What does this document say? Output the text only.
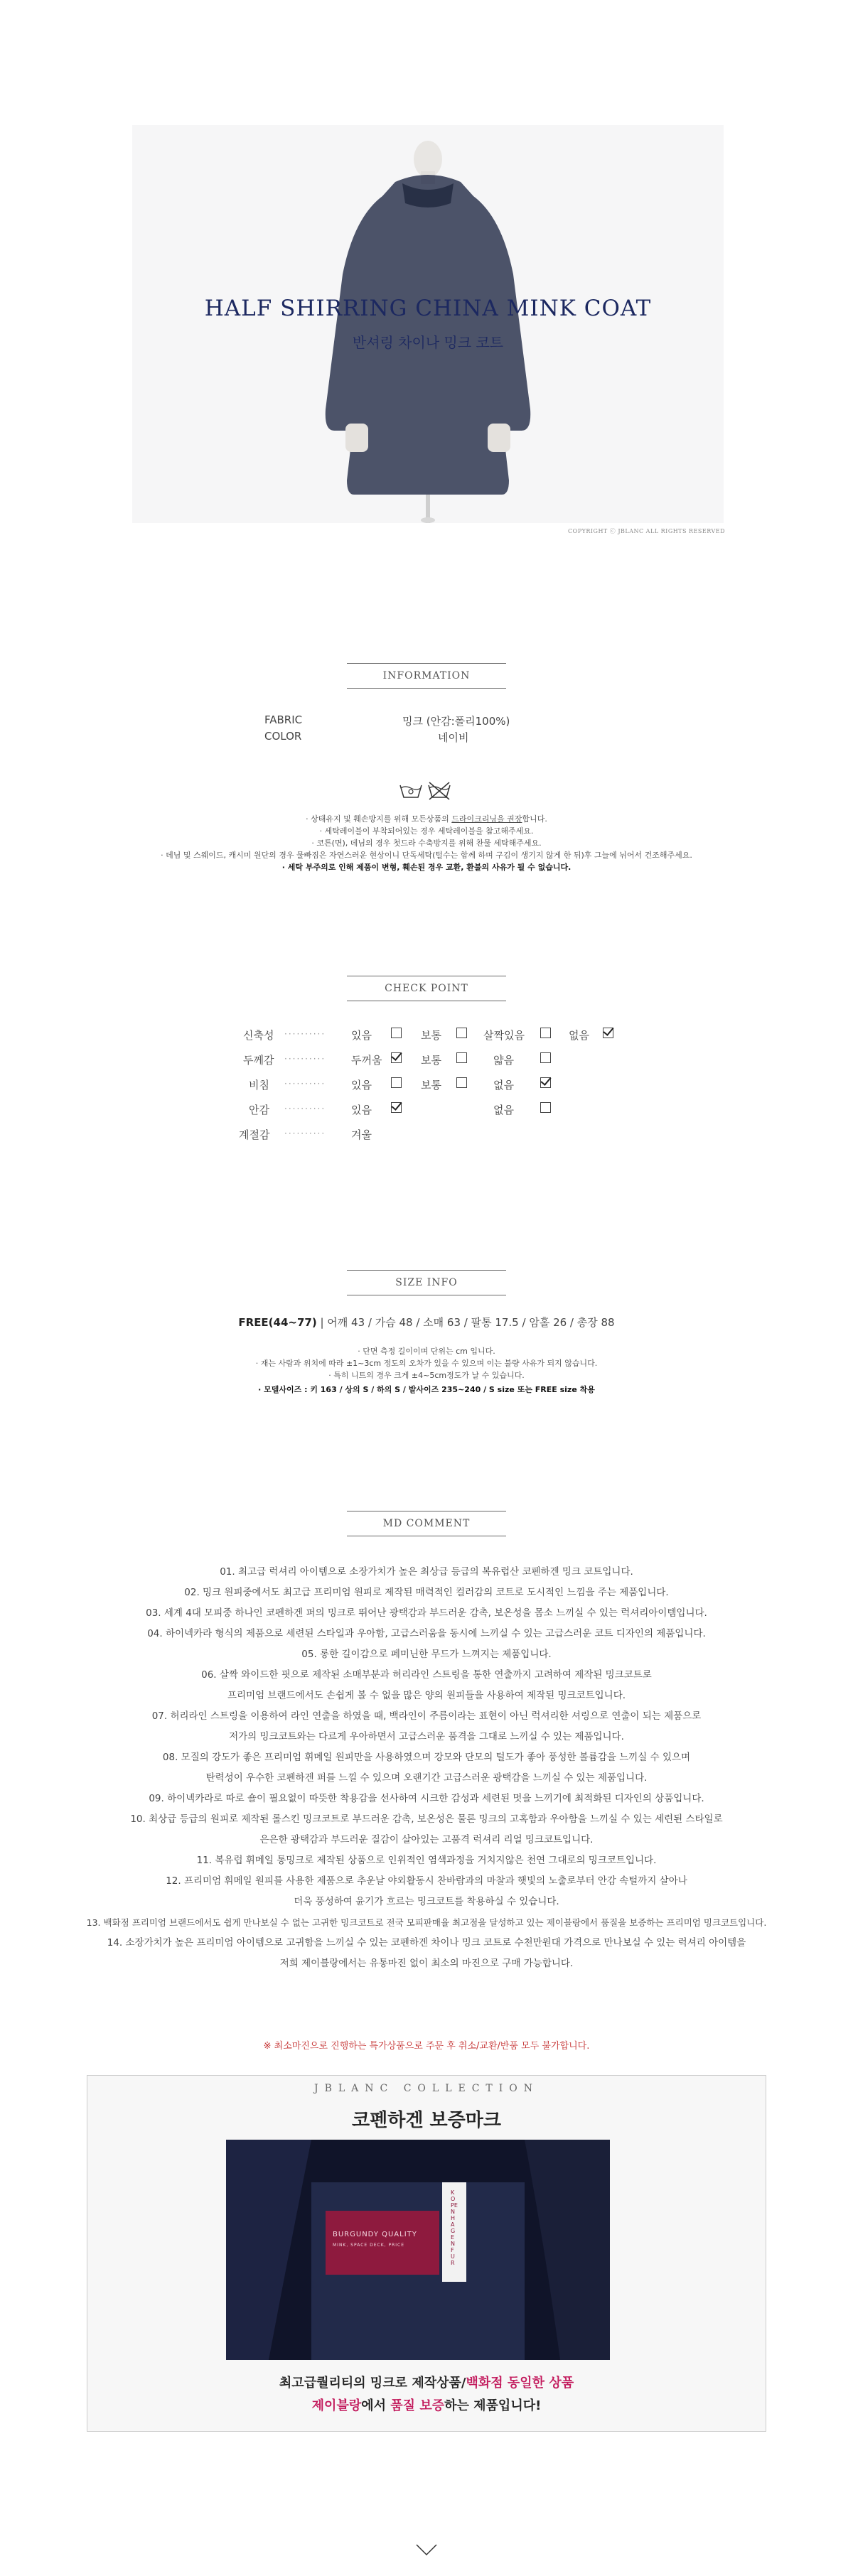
HALF SHIRRING CHINA MINK COAT
반셔링 차이나 밍크 코트
COPYRIGHT ⓒ JBLANC ALL RIGHTS RESERVED
INFORMATION
FABRIC	밍크 (안감:폴리100%)
COLOR	네이비
· 상태유지 및 훼손방지를 위해 모든상품의 드라이크리닝을 권장합니다.
· 세탁레이블이 부착되어있는 경우 세탁레이블을 참고해주세요.
· 코튼(면), 데님의 경우 첫드라 수축방지를 위해 찬물 세탁해주세요.
· 데님 및 스웨이드, 캐시미 원단의 경우 물빠짐은 자연스러운 현상이니 단독세탁(털수는 함께 하며 구김이 생기지 않게 한 뒤)후 그늘에 뉘어서 건조해주세요.
· 세탁 부주의로 인해 제품이 변형, 훼손된 경우 교환, 환불의 사유가 될 수 없습니다.
CHECK POINT
신축성 ·········· 있음	보통	살짝있음	없음
두께감 ·········· 두꺼움	보통	얇음
비침 ·········· 있음	보통	없음
안감 ·········· 있음	없음
계절감 ·········· 겨울
SIZE INFO
FREE(44~77) | 어깨 43 / 가슴 48 / 소매 63 / 팔통 17.5 / 암홀 26 / 총장 88
· 단면 측정 길이이며 단위는 cm 입니다.
· 재는 사람과 위치에 따라 ±1~3cm 정도의 오차가 있을 수 있으며 이는 불량 사유가 되지 않습니다.
· 특히 니트의 경우 크게 ±4~5cm정도가 날 수 있습니다.
· 모델사이즈 : 키 163 / 상의 S / 하의 S / 발사이즈 235~240 / S size 또는 FREE size 착용
MD COMMENT
01. 최고급 럭셔리 아이템으로 소장가치가 높은 최상급 등급의 복유럽산 코펜하겐 밍크 코트입니다.
02. 밍크 원피중에서도 최고급 프리미엄 원피로 제작된 매력적인 컬러감의 코트로 도시적인 느낌을 주는 제품입니다.
03. 세계 4대 모피중 하나인 코펜하겐 퍼의 밍크로 뛰어난 광택감과 부드러운 감촉, 보온성을 몸소 느끼실 수 있는 럭셔리아이템입니다.
04. 하이넥카라 형식의 제품으로 세련된 스타일과 우아함, 고급스러움을 동시에 느끼실 수 있는 고급스러운 코트 디자인의 제품입니다.
05. 롱한 길이감으로 페미닌한 무드가 느껴지는 제품입니다.
06. 살짝 와이드한 핏으로 제작된 소매부분과 허리라인 스트링을 통한 연출까지 고려하여 제작된 밍크코트로
프리미엄 브랜드에서도 손쉽게 볼 수 없을 많은 양의 원피들을 사용하여 제작된 밍크코트입니다.
07. 허리라인 스트링을 이용하여 라인 연출을 하였을 때, 백라인이 주름이라는 표현이 아닌 럭셔리한 셔링으로 연출이 되는 제품으로
저가의 밍크코트와는 다르게 우아하면서 고급스러운 품격을 그대로 느끼실 수 있는 제품입니다.
08. 모질의 강도가 좋은 프리미엄 휘메일 원피만을 사용하였으며 강모와 단모의 털도가 좋아 풍성한 볼륨감을 느끼실 수 있으며
탄력성이 우수한 코펜하겐 퍼를 느낄 수 있으며 오랜기간 고급스러운 광택감을 느끼실 수 있는 제품입니다.
09. 하이넥카라로 따로 숄이 필요없이 따뜻한 착용감을 선사하여 시크한 감성과 세련된 멋을 느끼기에 최적화된 디자인의 상품입니다.
10. 최상급 등급의 원피로 제작된 롤스킨 밍크코트로 부드러운 감촉, 보온성은 물론 밍크의 고혹함과 우아함을 느끼실 수 있는 세련된 스타일로
은은한 광택감과 부드러운 질감이 살아있는 고품격 럭셔리 리얼 밍크코트입니다.
11. 복유럽 휘메일 통밍크로 제작된 상품으로 인위적인 염색과정을 거치지않은 천연 그대로의 밍크코트입니다.
12. 프리미엄 휘메일 원피를 사용한 제품으로 추운날 야외활동시 찬바람과의 마찰과 햇빛의 노출로부터 안감 속털까지 살아나
더욱 풍성하여 윤기가 흐르는 밍크코트를 착용하실 수 있습니다.
13. 백화점 프리미엄 브랜드에서도 쉽게 만나보실 수 없는 고귀한 밍크코트로 전국 모피판매율 최고점을 달성하고 있는 제이블랑에서 품질을 보증하는 프리미엄 밍크코트입니다.
14. 소장가치가 높은 프리미엄 아이템으로 고귀함을 느끼실 수 있는 코펜하겐 차이나 밍크 코트로 수천만원대 가격으로 만나보실 수 있는 럭셔리 아이템을
저희 제이블랑에서는 유통마진 없이 최소의 마진으로 구매 가능합니다.
※ 최소마진으로 진행하는 특가상품으로 주문 후 취소/교환/반품 모두 불가합니다.
JBLANC COLLECTION
코펜하겐 보증마크
BURGUNDY QUALITY
MINK, SPACE DECK, PRICE
KOPENHAGEN FUR
최고급퀄리티의 밍크로 제작상품/백화점 동일한 상품
제이블랑에서 품질 보증하는 제품입니다!
